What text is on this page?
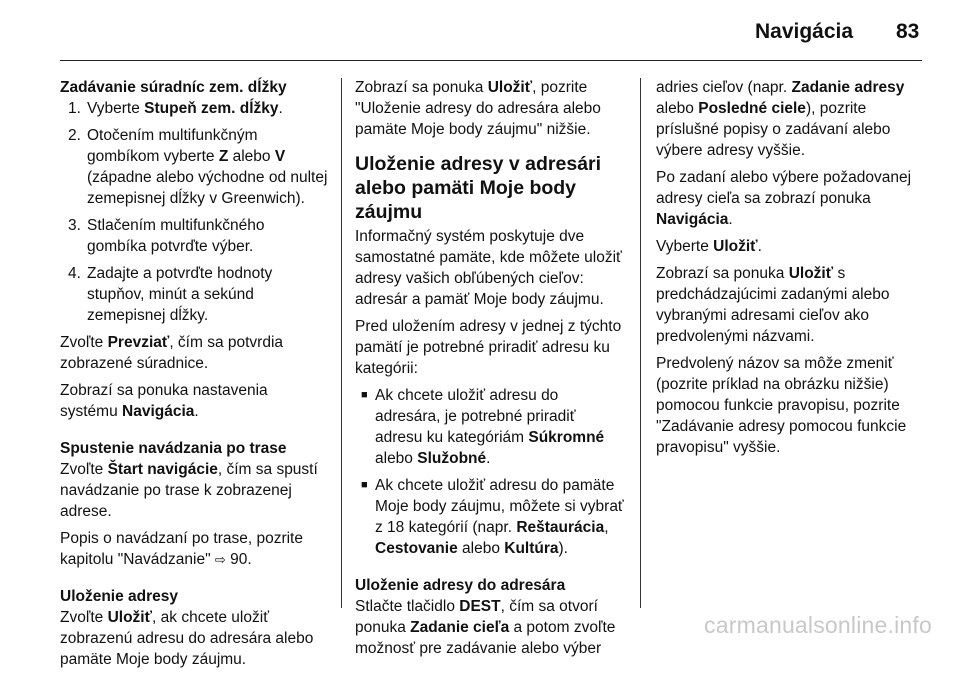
Navigácia 83

Zadávanie súradníc zem. dĺžky

1. Vyberte Stupeň zem. dĺžky.
2. Otočením multifunkčným gombíkom vyberte Z alebo V (západne alebo východne od nultej zemepisnej dĺžky v Greenwich).
3. Stlačením multifunkčného gombíka potvrďte výber.
4. Zadajte a potvrďte hodnoty stupňov, minút a sekúnd zemepisnej dĺžky.

Zvoľte Prevziať, čím sa potvrdia zobrazené súradnice.

Zobrazí sa ponuka nastavenia systému Navigácia.

Spustenie navádzania po trase

Zvoľte Štart navigácie, čím sa spustí navádzanie po trase k zobrazenej adrese.

Popis o navádzaní po trase, pozrite kapitolu "Navádzanie" ⇨ 90.

Uloženie adresy

Zvoľte Uložiť, ak chcete uložiť zobrazenú adresu do adresára alebo pamäte Moje body záujmu.

Zobrazí sa ponuka Uložiť, pozrite "Uloženie adresy do adresára alebo pamäte Moje body záujmu" nižšie.

Uloženie adresy v adresári alebo pamäti Moje body záujmu

Informačný systém poskytuje dve samostatné pamäte, kde môžete uložiť adresy vašich obľúbených cieľov: adresár a pamäť Moje body záujmu.

Pred uložením adresy v jednej z týchto pamätí je potrebné priradiť adresu ku kategórii:

■ Ak chcete uložiť adresu do adresára, je potrebné priradiť adresu ku kategóriám Súkromné alebo Služobné.
■ Ak chcete uložiť adresu do pamäte Moje body záujmu, môžete si vybrať z 18 kategórií (napr. Reštaurácia, Cestovanie alebo Kultúra).

Uloženie adresy do adresára

Stlačte tlačidlo DEST, čím sa otvorí ponuka Zadanie cieľa a potom zvoľte možnosť pre zadávanie alebo výber

adries cieľov (napr. Zadanie adresy alebo Posledné ciele), pozrite príslušné popisy o zadávaní alebo výbere adresy vyššie.

Po zadaní alebo výbere požadovanej adresy cieľa sa zobrazí ponuka Navigácia.

Vyberte Uložiť.

Zobrazí sa ponuka Uložiť s predchádzajúcimi zadanými alebo vybranými adresami cieľov ako predvolenými názvami.

Predvolený názov sa môže zmeniť (pozrite príklad na obrázku nižšie) pomocou funkcie pravopisu, pozrite "Zadávanie adresy pomocou funkcie pravopisu" vyššie.

carmanualsonline.info
